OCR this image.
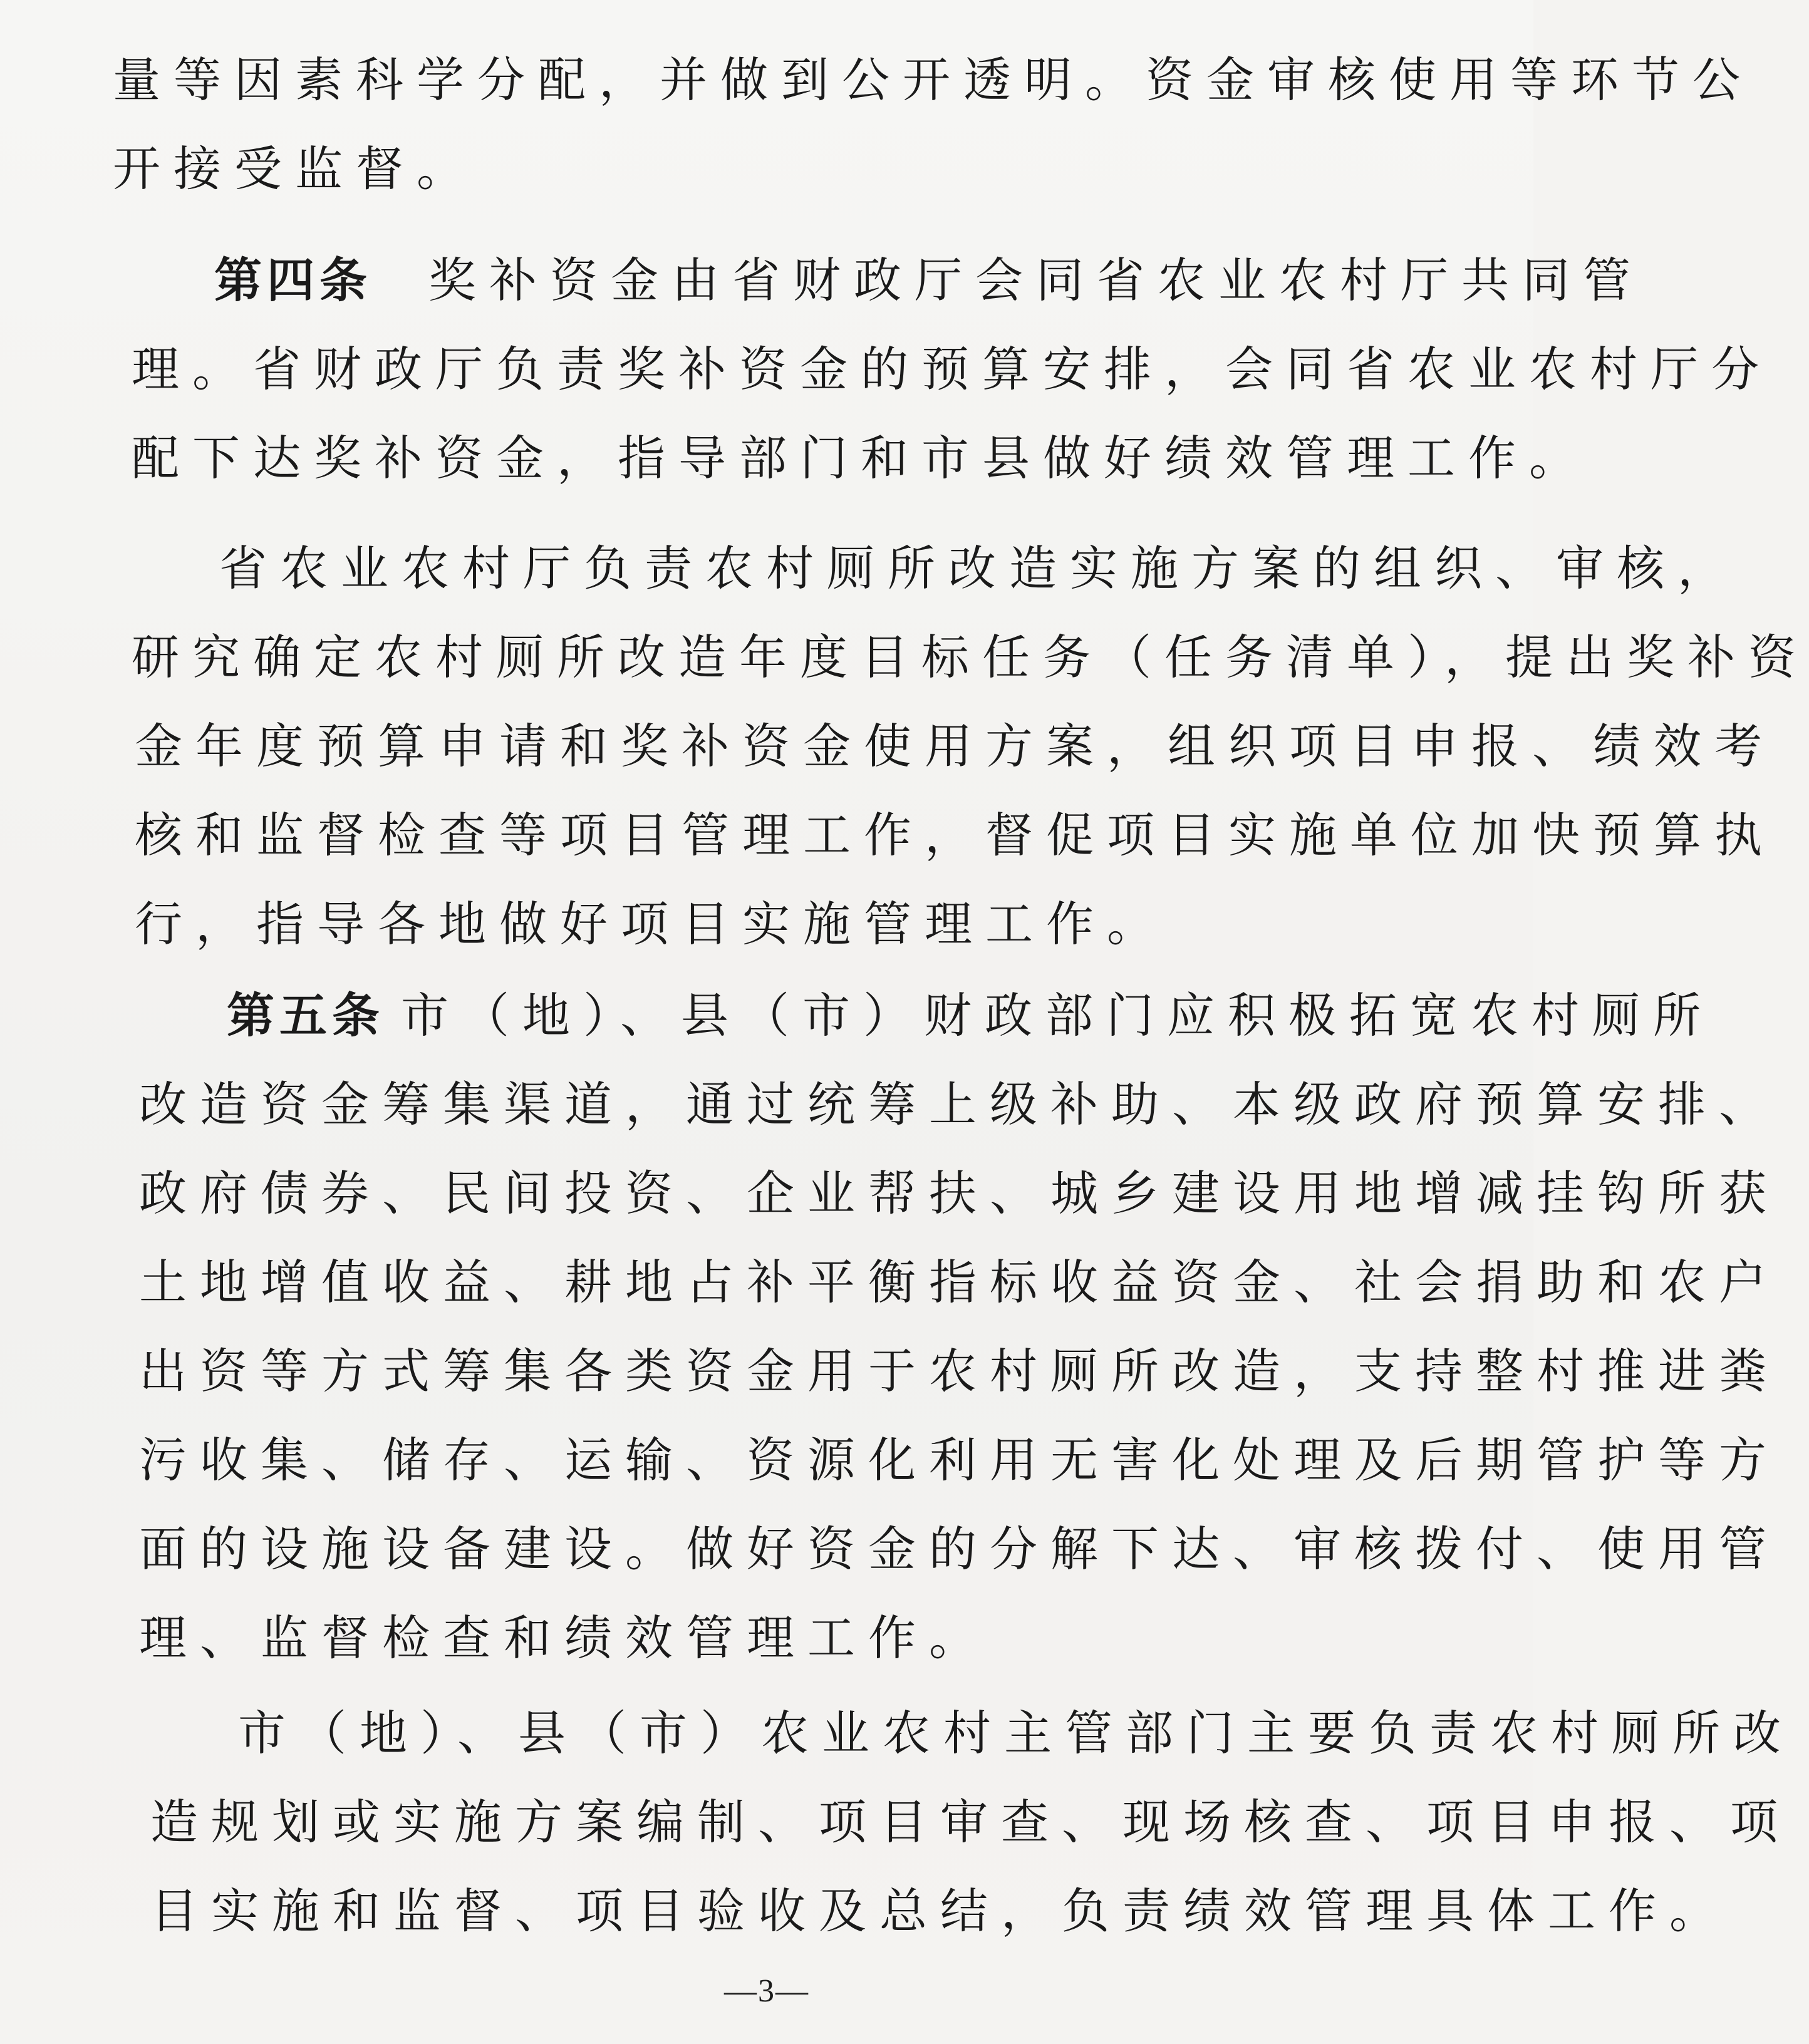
量等因素科学分配，并做到公开透明。资金审核使用等环节公
开接受监督。
第四条 奖补资金由省财政厅会同省农业农村厅共同管
理。省财政厅负责奖补资金的预算安排，会同省农业农村厅分
配下达奖补资金，指导部门和市县做好绩效管理工作。
省农业农村厅负责农村厕所改造实施方案的组织、审核，
研究确定农村厕所改造年度目标任务（任务清单），提出奖补资
金年度预算申请和奖补资金使用方案，组织项目申报、绩效考
核和监督检查等项目管理工作，督促项目实施单位加快预算执
行，指导各地做好项目实施管理工作。
第五条 市（地）、县（市）财政部门应积极拓宽农村厕所
改造资金筹集渠道，通过统筹上级补助、本级政府预算安排、
政府债券、民间投资、企业帮扶、城乡建设用地增减挂钩所获
土地增值收益、耕地占补平衡指标收益资金、社会捐助和农户
出资等方式筹集各类资金用于农村厕所改造，支持整村推进粪
污收集、储存、运输、资源化利用无害化处理及后期管护等方
面的设施设备建设。做好资金的分解下达、审核拨付、使用管
理、监督检查和绩效管理工作。
市（地）、县（市）农业农村主管部门主要负责农村厕所改
造规划或实施方案编制、项目审查、现场核查、项目申报、项
目实施和监督、项目验收及总结，负责绩效管理具体工作。
—3—
